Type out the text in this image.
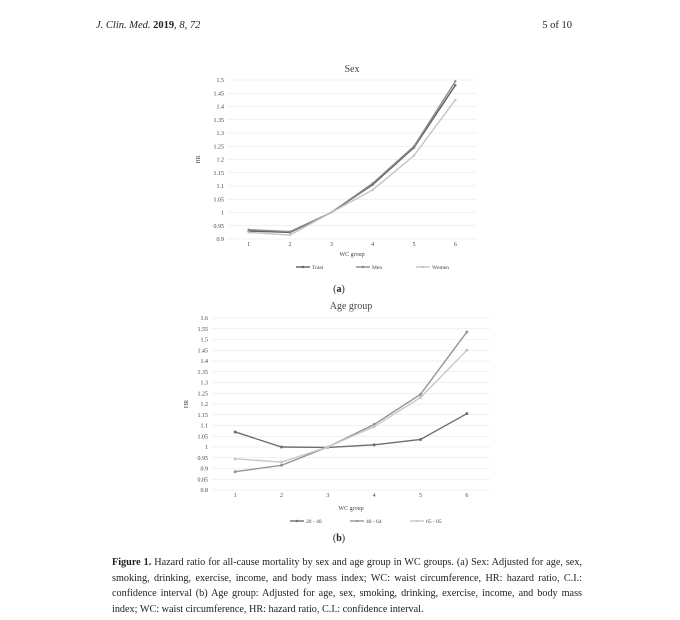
J. Clin. Med. 2019, 8, 72	5 of 10
Sex
0.9
0.95
1
1.05
1.1
1.15
1.2
1.25
1.3
1.35
1.4
1.45
1.5
HR
1	2	3	4	5	6
WC group
Total	Men	Women
(a)
Age group
0.8
0.85
0.9
0.95
1
1.05
1.1
1.15
1.2
1.25
1.3
1.35
1.4
1.45
1.5
1.55
1.6
HR
1	2	3	4	5	6
WC group
20 - 40	40 - 64	65 - 85
(b)
Figure 1. Hazard ratio for all-cause mortality by sex and age group in WC groups. (a) Sex: Adjusted for age, sex, smoking, drinking, exercise, income, and body mass index; WC: waist circumference, HR: hazard ratio, C.I.: confidence interval (b) Age group: Adjusted for age, sex, smoking, drinking, exercise, income, and body mass index; WC: waist circumference, HR: hazard ratio, C.I.: confidence interval.
